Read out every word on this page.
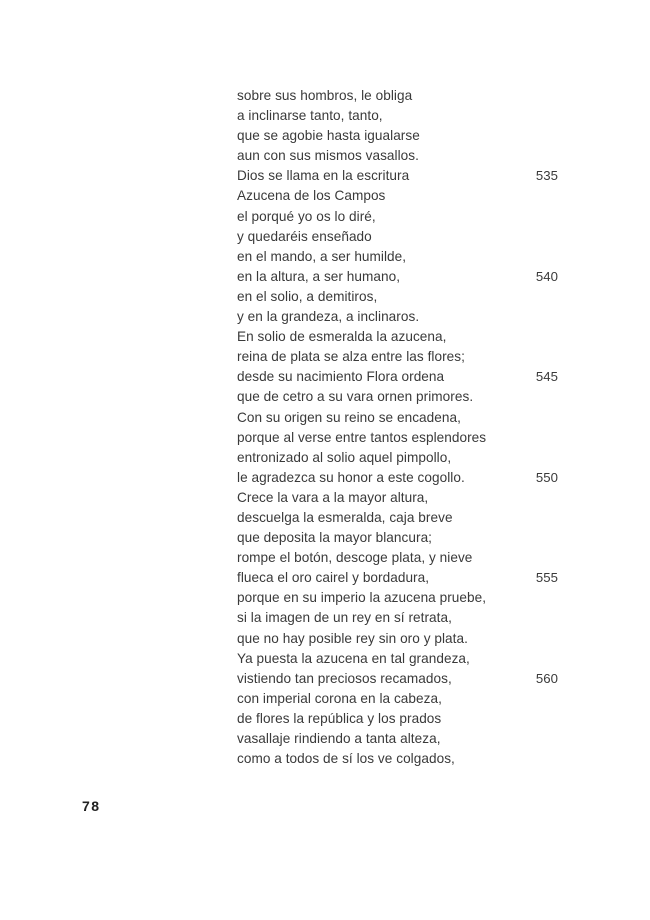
sobre sus hombros, le obliga
a inclinarse tanto, tanto,
que se agobie hasta igualarse
aun con sus mismos vasallos.
Dios se llama en la escritura	535
Azucena de los Campos
el porqué yo os lo diré,
y quedaréis enseñado
en el mando, a ser humilde,
en la altura, a ser humano,	540
en el solio, a demitiros,
y en la grandeza, a inclinaros.
En solio de esmeralda la azucena,
reina de plata se alza entre las flores;
desde su nacimiento Flora ordena	545
que de cetro a su vara ornen primores.
Con su origen su reino se encadena,
porque al verse entre tantos esplendores
entronizado al solio aquel pimpollo,
le agradezca su honor a este cogollo.	550
Crece la vara a la mayor altura,
descuelga la esmeralda, caja breve
que deposita la mayor blancura;
rompe el botón, descoge plata, y nieve
flueca el oro cairel y bordadura,	555
porque en su imperio la azucena pruebe,
si la imagen de un rey en sí retrata,
que no hay posible rey sin oro y plata.
Ya puesta la azucena en tal grandeza,
vistiendo tan preciosos recamados,	560
con imperial corona en la cabeza,
de flores la república y los prados
vasallaje rindiendo a tanta alteza,
como a todos de sí los ve colgados,
78
